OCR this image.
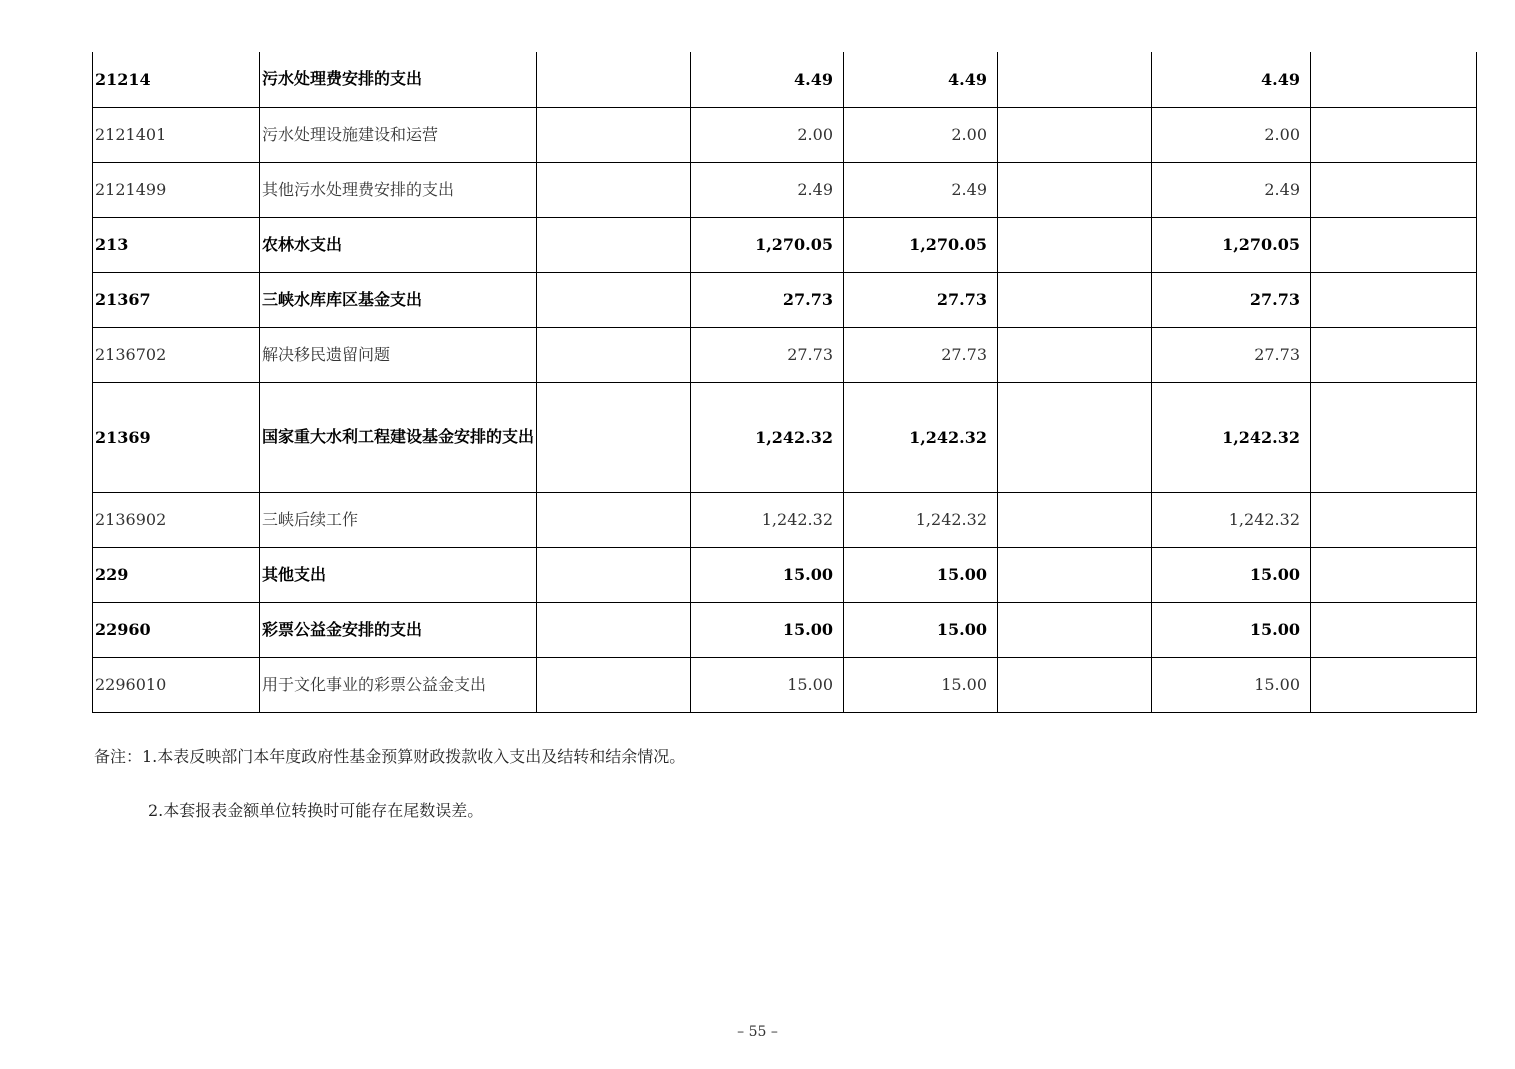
21214	污水处理费安排的支出		4.49	4.49		4.49	
2121401	污水处理设施建设和运营		2.00	2.00		2.00	
2121499	其他污水处理费安排的支出		2.49	2.49		2.49	
213	农林水支出		1,270.05	1,270.05		1,270.05	
21367	三峡水库库区基金支出		27.73	27.73		27.73	
2136702	解决移民遗留问题		27.73	27.73		27.73	
21369	国家重大水利工程建设基金安排的支出		1,242.32	1,242.32		1,242.32	
2136902	三峡后续工作		1,242.32	1,242.32		1,242.32	
229	其他支出		15.00	15.00		15.00	
22960	彩票公益金安排的支出		15.00	15.00		15.00	
2296010	用于文化事业的彩票公益金支出		15.00	15.00		15.00	
备注：1.本表反映部门本年度政府性基金预算财政拨款收入支出及结转和结余情况。
2.本套报表金额单位转换时可能存在尾数误差。
– 55 –
